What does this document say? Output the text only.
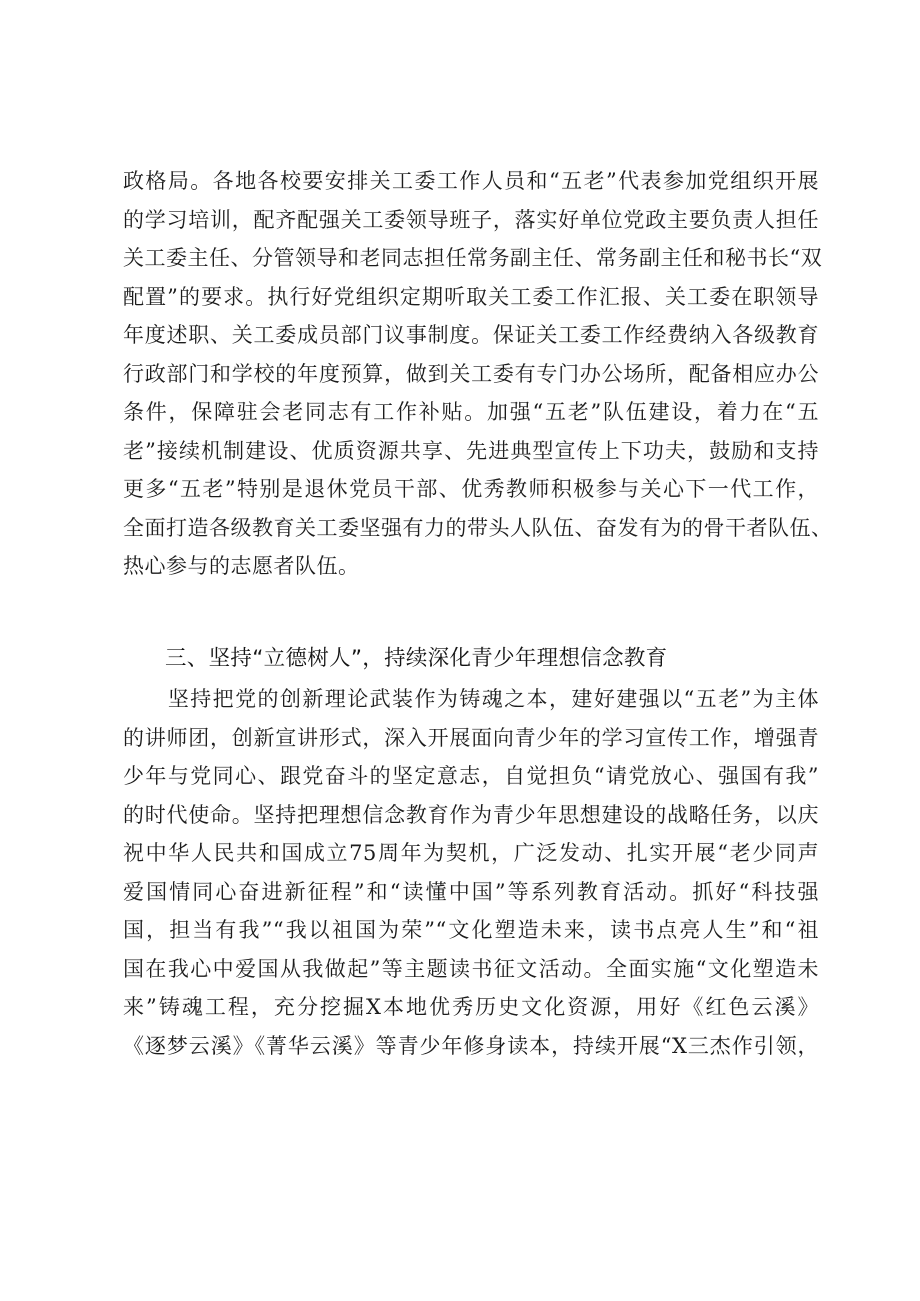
政格局。各地各校要安排关工委工作人员和“五老”代表参加党组织开展
的学习培训，配齐配强关工委领导班子，落实好单位党政主要负责人担任
关工委主任、分管领导和老同志担任常务副主任、常务副主任和秘书长“双
配置”的要求。执行好党组织定期听取关工委工作汇报、关工委在职领导
年度述职、关工委成员部门议事制度。保证关工委工作经费纳入各级教育
行政部门和学校的年度预算，做到关工委有专门办公场所，配备相应办公
条件，保障驻会老同志有工作补贴。加强“五老”队伍建设，着力在“五
老”接续机制建设、优质资源共享、先进典型宣传上下功夫，鼓励和支持
更多“五老”特别是退休党员干部、优秀教师积极参与关心下一代工作，
全面打造各级教育关工委坚强有力的带头人队伍、奋发有为的骨干者队伍、
热心参与的志愿者队伍。
三、坚持“立德树人”，持续深化青少年理想信念教育
　　坚持把党的创新理论武装作为铸魂之本，建好建强以“五老”为主体
的讲师团，创新宣讲形式，深入开展面向青少年的学习宣传工作，增强青
少年与党同心、跟党奋斗的坚定意志，自觉担负“请党放心、强国有我”
的时代使命。坚持把理想信念教育作为青少年思想建设的战略任务，以庆
祝中华人民共和国成立75周年为契机，广泛发动、扎实开展“老少同声
爱国情同心奋进新征程”和“读懂中国”等系列教育活动。抓好“科技强
国，担当有我”“我以祖国为荣”“文化塑造未来，读书点亮人生”和“祖
国在我心中爱国从我做起”等主题读书征文活动。全面实施“文化塑造未
来”铸魂工程，充分挖掘X本地优秀历史文化资源，用好《红色云溪》
《逐梦云溪》《菁华云溪》等青少年修身读本，持续开展“X三杰作引领，
